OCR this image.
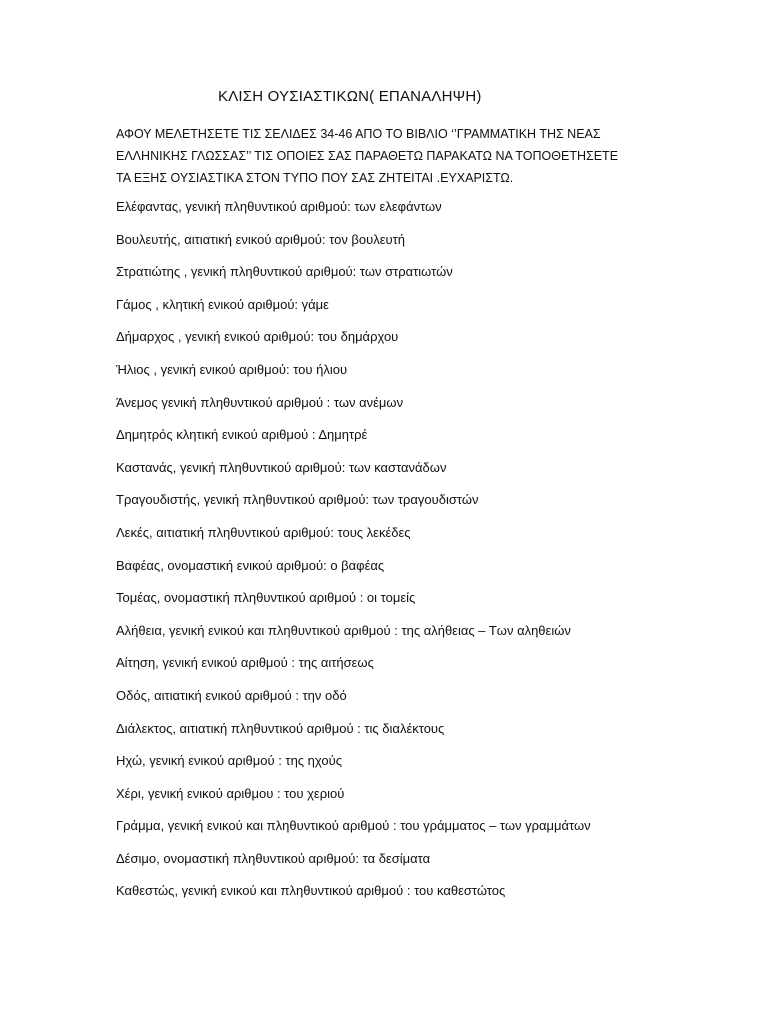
ΚΛΙΣΗ ΟΥΣΙΑΣΤΙΚΩΝ( ΕΠΑΝΑΛΗΨΗ)

ΑΦΟΥ ΜΕΛΕΤΗΣΕΤΕ ΤΙΣ ΣΕΛΙΔΕΣ 34-46 ΑΠΟ ΤΟ ΒΙΒΛΙΟ ‘’ΓΡΑΜΜΑΤΙΚΗ ΤΗΣ ΝΕΑΣ
ΕΛΛΗΝΙΚΗΣ ΓΛΩΣΣΑΣ’’ ΤΙΣ ΟΠΟΙΕΣ ΣΑΣ ΠΑΡΑΘΕΤΩ ΠΑΡΑΚΑΤΩ ΝΑ ΤΟΠΟΘΕΤΗΣΕΤΕ
ΤΑ ΕΞΗΣ ΟΥΣΙΑΣΤΙΚΑ ΣΤΟΝ ΤΥΠΟ ΠΟΥ ΣΑΣ ΖΗΤΕΙΤΑΙ .ΕΥΧΑΡΙΣΤΩ.

Ελέφαντας, γενική πληθυντικού αριθμού: των ελεφάντων
Βουλευτής, αιτιατική ενικού αριθμού: τον βουλευτή
Στρατιώτης , γενική πληθυντικού αριθμού: των στρατιωτών
Γάμος , κλητική ενικού αριθμού: γάμε
Δήμαρχος , γενική ενικού αριθμού: του δημάρχου
Ήλιος , γενική ενικού αριθμού: του ήλιου
Άνεμος γενική πληθυντικού αριθμού : των ανέμων
Δημητρός κλητική ενικού αριθμού : Δημητρέ
Καστανάς, γενική πληθυντικού αριθμού: των καστανάδων
Τραγουδιστής, γενική πληθυντικού αριθμού: των τραγουδιστών
Λεκές, αιτιατική πληθυντικού αριθμού: τους λεκέδες
Βαφέας, ονομαστική ενικού αριθμού: ο βαφέας
Τομέας, ονομαστική πληθυντικού αριθμού : οι τομείς
Αλήθεια, γενική ενικού και πληθυντικού αριθμού : της αλήθειας – Των αληθειών
Αίτηση, γενική ενικού αριθμού : της αιτήσεως
Οδός, αιτιατική ενικού αριθμού : την οδό
Διάλεκτος, αιτιατική πληθυντικού αριθμού : τις διαλέκτους
Ηχώ, γενική ενικού αριθμού : της ηχούς
Χέρι, γενική ενικού αριθμου : του χεριού
Γράμμα, γενική ενικού και πληθυντικού αριθμού : του γράμματος – των γραμμάτων
Δέσιμο, ονομαστική πληθυντικού αριθμού: τα δεσίματα
Καθεστώς, γενική ενικού και πληθυντικού αριθμού : του καθεστώτος
